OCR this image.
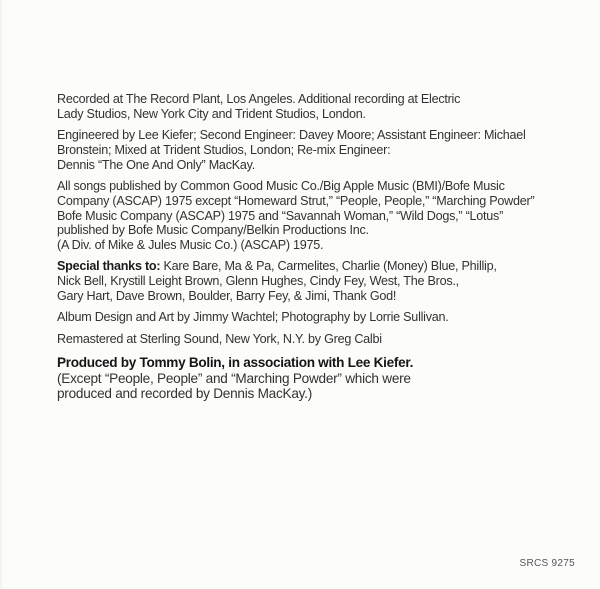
Recorded at The Record Plant, Los Angeles. Additional recording at Electric
Lady Studios, New York City and Trident Studios, London.

Engineered by Lee Kiefer; Second Engineer: Davey Moore; Assistant Engineer: Michael
Bronstein; Mixed at Trident Studios, London; Re-mix Engineer:
Dennis “The One And Only” MacKay.

All songs published by Common Good Music Co./Big Apple Music (BMI)/Bofe Music
Company (ASCAP) 1975 except “Homeward Strut,” “People, People,” “Marching Powder”
Bofe Music Company (ASCAP) 1975 and “Savannah Woman,” “Wild Dogs,” “Lotus”
published by Bofe Music Company/Belkin Productions Inc.
(A Div. of Mike & Jules Music Co.) (ASCAP) 1975.

Special thanks to: Kare Bare, Ma & Pa, Carmelites, Charlie (Money) Blue, Phillip,
Nick Bell, Krystill Leight Brown, Glenn Hughes, Cindy Fey, West, The Bros.,
Gary Hart, Dave Brown, Boulder, Barry Fey, & Jimi, Thank God!

Album Design and Art by Jimmy Wachtel; Photography by Lorrie Sullivan.

Remastered at Sterling Sound, New York, N.Y. by Greg Calbi

Produced by Tommy Bolin, in association with Lee Kiefer.
(Except “People, People” and “Marching Powder” which were
produced and recorded by Dennis MacKay.)

SRCS 9275
